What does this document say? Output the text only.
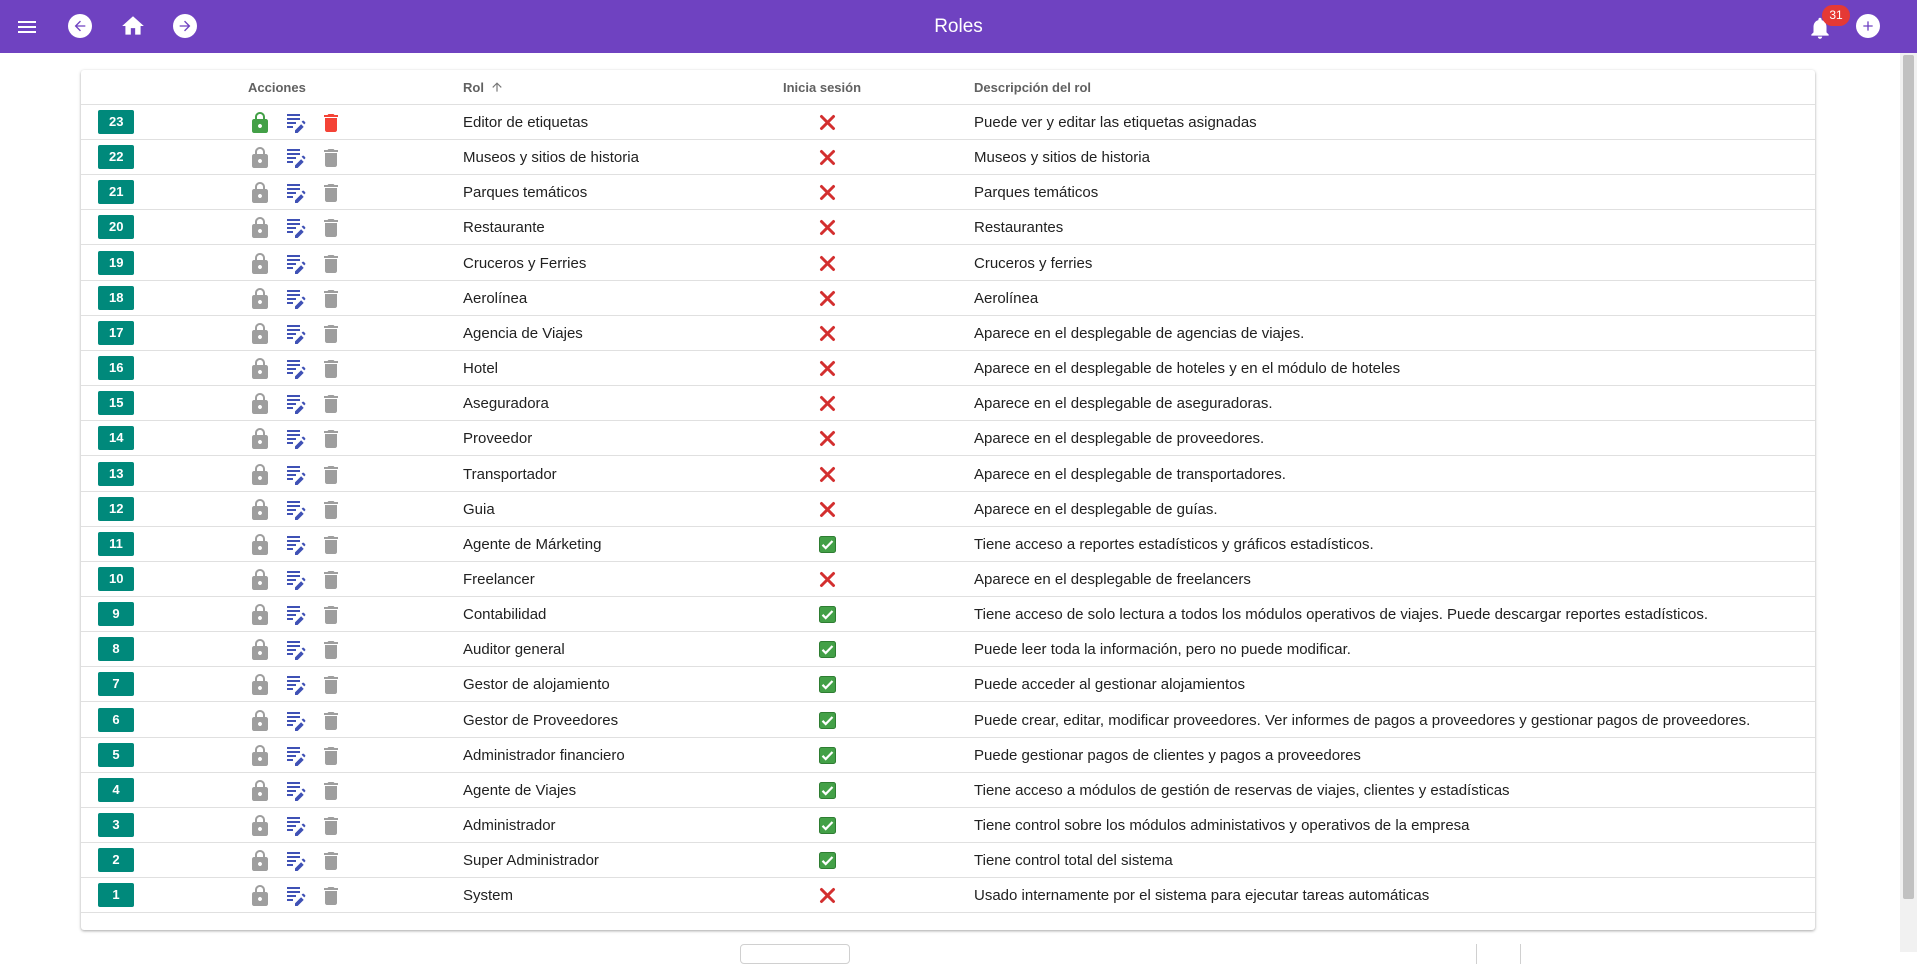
Roles
31
Acciones	Rol	Inicia sesión	Descripción del rol
23	Editor de etiquetas	Puede ver y editar las etiquetas asignadas
22	Museos y sitios de historia	Museos y sitios de historia
21	Parques temáticos	Parques temáticos
20	Restaurante	Restaurantes
19	Cruceros y Ferries	Cruceros y ferries
18	Aerolínea	Aerolínea
17	Agencia de Viajes	Aparece en el desplegable de agencias de viajes.
16	Hotel	Aparece en el desplegable de hoteles y en el módulo de hoteles
15	Aseguradora	Aparece en el desplegable de aseguradoras.
14	Proveedor	Aparece en el desplegable de proveedores.
13	Transportador	Aparece en el desplegable de transportadores.
12	Guia	Aparece en el desplegable de guías.
11	Agente de Márketing	Tiene acceso a reportes estadísticos y gráficos estadísticos.
10	Freelancer	Aparece en el desplegable de freelancers
9	Contabilidad	Tiene acceso de solo lectura a todos los módulos operativos de viajes. Puede descargar reportes estadísticos.
8	Auditor general	Puede leer toda la información, pero no puede modificar.
7	Gestor de alojamiento	Puede acceder al gestionar alojamientos
6	Gestor de Proveedores	Puede crear, editar, modificar proveedores. Ver informes de pagos a proveedores y gestionar pagos de proveedores.
5	Administrador financiero	Puede gestionar pagos de clientes y pagos a proveedores
4	Agente de Viajes	Tiene acceso a módulos de gestión de reservas de viajes, clientes y estadísticas
3	Administrador	Tiene control sobre los módulos administativos y operativos de la empresa
2	Super Administrador	Tiene control total del sistema
1	System	Usado internamente por el sistema para ejecutar tareas automáticas
